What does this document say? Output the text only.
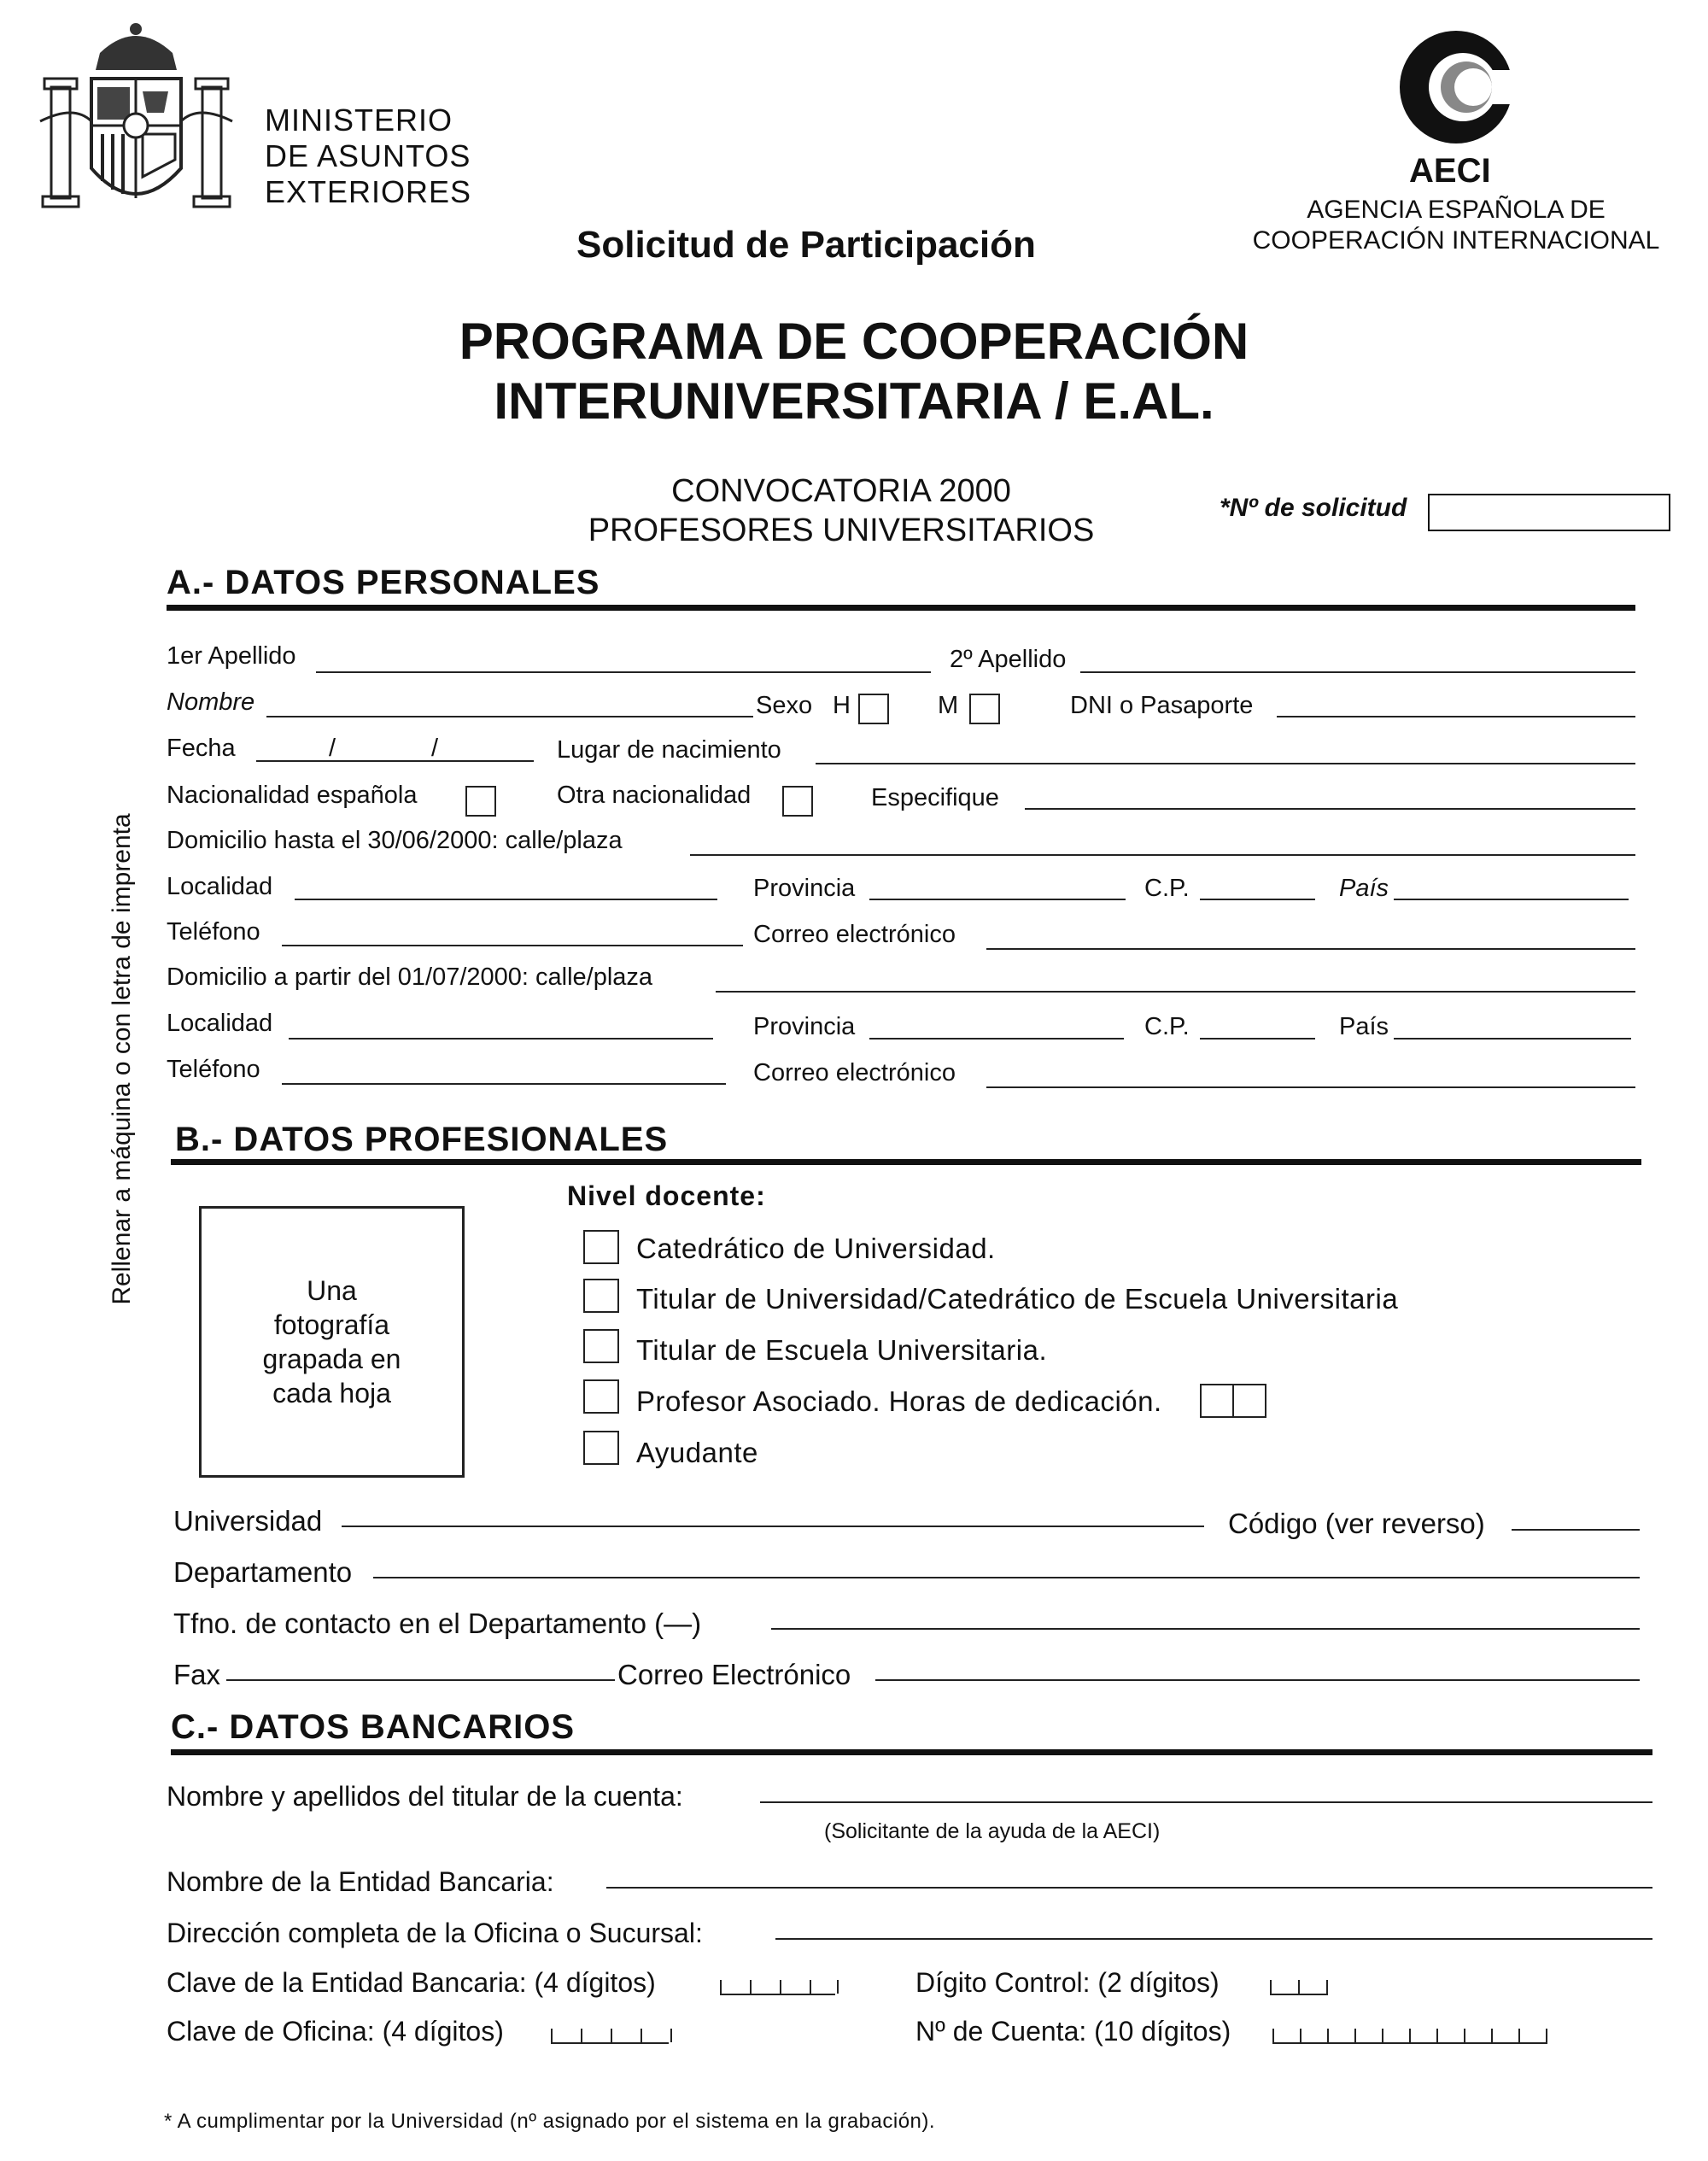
MINISTERIO
DE ASUNTOS
EXTERIORES
AECI
AGENCIA ESPAÑOLA DE
COOPERACIÓN INTERNACIONAL
Solicitud de Participación
PROGRAMA DE COOPERACIÓN
INTERUNIVERSITARIA / E.AL.
CONVOCATORIA 2000
PROFESORES UNIVERSITARIOS
*Nº de solicitud
Rellenar a máquina o con letra de imprenta
A.- DATOS PERSONALES
1er Apellido	2º Apellido
Nombre	Sexo H	M	DNI o Pasaporte
Fecha	/	/	Lugar de nacimiento
Nacionalidad española	Otra nacionalidad	Especifique
Domicilio hasta el 30/06/2000: calle/plaza
Localidad	Provincia	C.P.	País
Teléfono	Correo electrónico
Domicilio a partir del 01/07/2000: calle/plaza
Localidad	Provincia	C.P.	País
Teléfono	Correo electrónico
B.- DATOS PROFESIONALES
Una fotografía grapada en cada hoja
Nivel docente:
Catedrático de Universidad.
Titular de Universidad/Catedrático de Escuela Universitaria
Titular de Escuela Universitaria.
Profesor Asociado. Horas de dedicación.
Ayudante
Universidad	Código (ver reverso)
Departamento
Tfno. de contacto en el Departamento (—)
Fax	Correo Electrónico
C.- DATOS BANCARIOS
Nombre y apellidos del titular de la cuenta:
(Solicitante de la ayuda de la AECI)
Nombre de la Entidad Bancaria:
Dirección completa de la Oficina o Sucursal:
Clave de la Entidad Bancaria: (4 dígitos)	Dígito Control: (2 dígitos)
Clave de Oficina: (4 dígitos)	Nº de Cuenta: (10 dígitos)
* A cumplimentar por la Universidad (nº asignado por el sistema en la grabación).
